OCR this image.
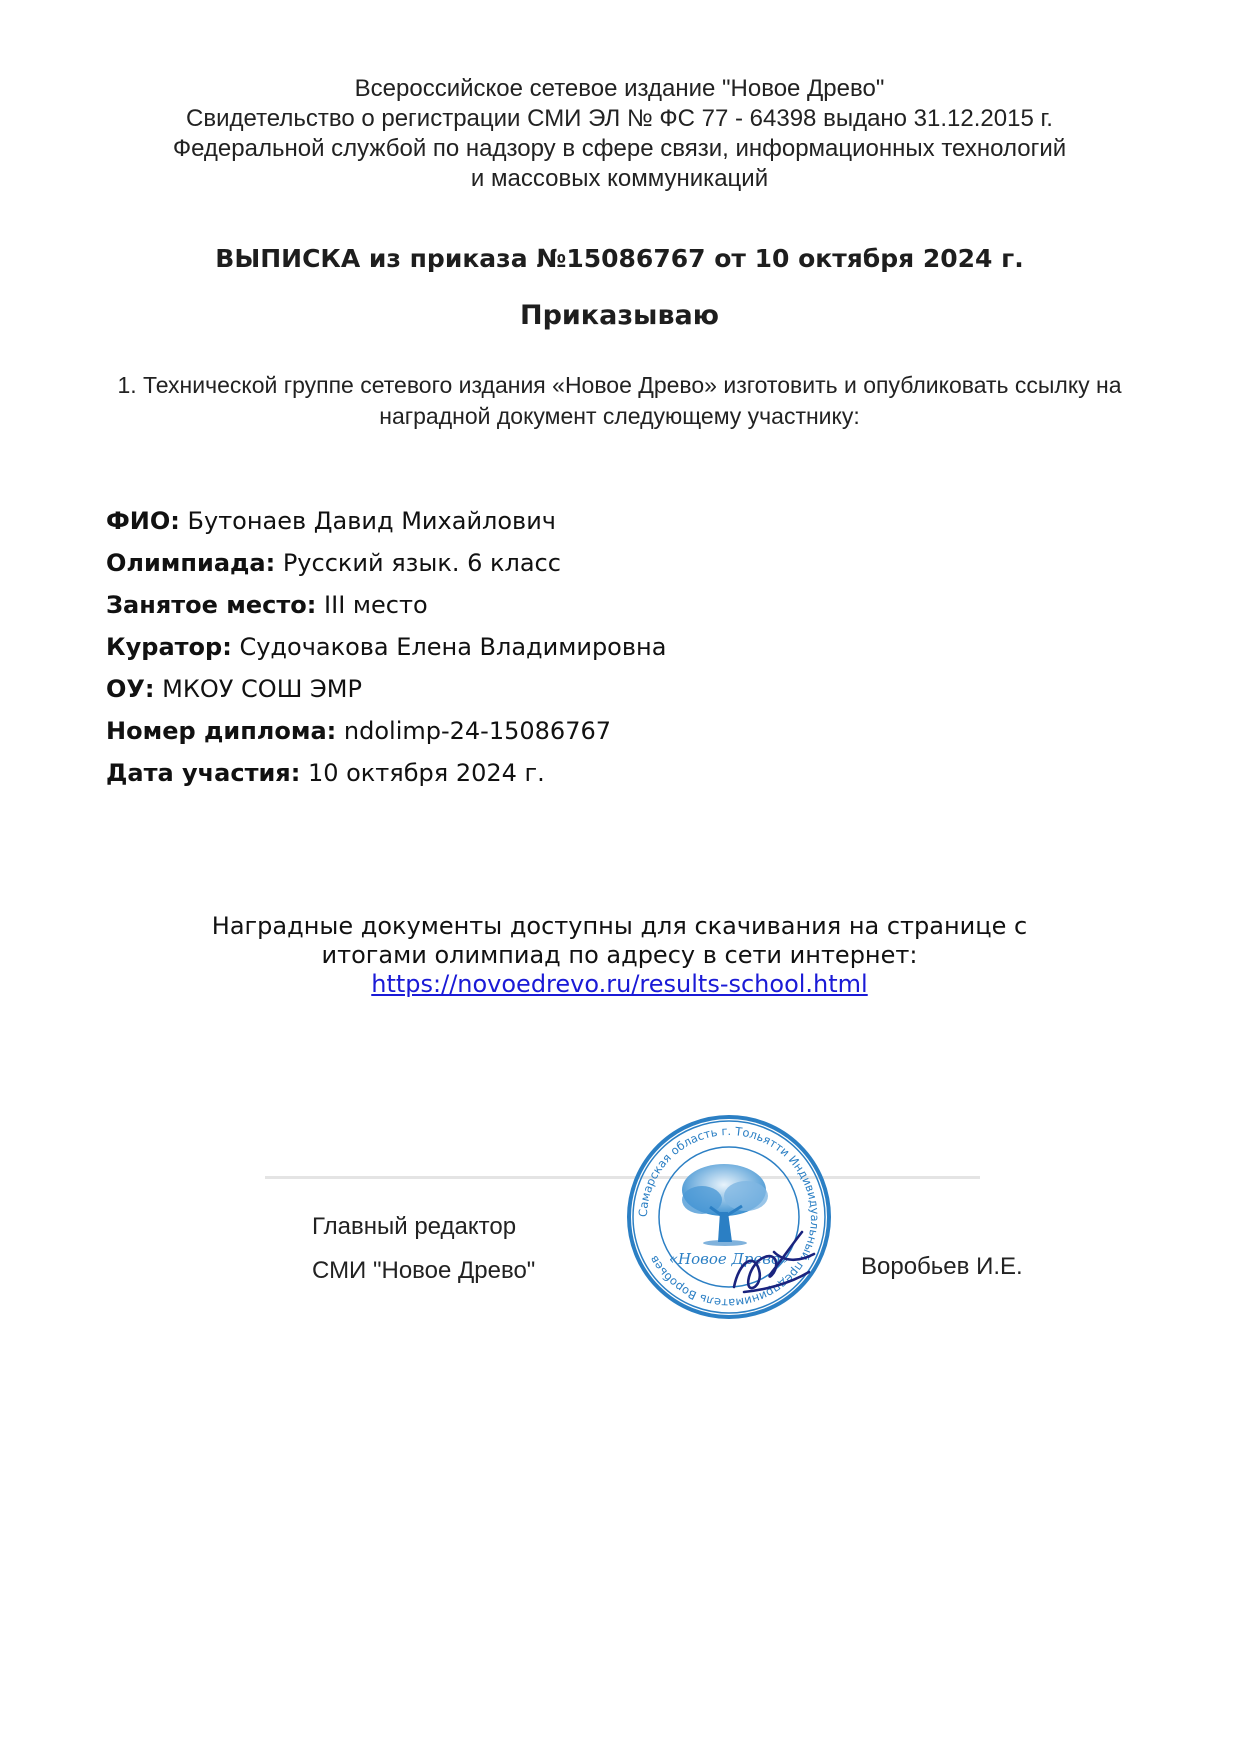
Всероссийское сетевое издание "Новое Древо"
Свидетельство о регистрации СМИ ЭЛ № ФС 77 - 64398 выдано 31.12.2015 г.
Федеральной службой по надзору в сфере связи, информационных технологий
и массовых коммуникаций
ВЫПИСКА из приказа №15086767 от 10 октября 2024 г.
Приказываю
1. Технической группе сетевого издания «Новое Древо» изготовить и опубликовать ссылку на
наградной документ следующему участнику:
ФИО: Бутонаев Давид Михайлович
Олимпиада: Русский язык. 6 класс
Занятое место: III место
Куратор: Судочакова Елена Владимировна
ОУ: МКОУ СОШ ЭМР
Номер диплома: ndolimp-24-15086767
Дата участия: 10 октября 2024 г.
Наградные документы доступны для скачивания на странице с
итогами олимпиад по адресу в сети интернет:
https://novoedrevo.ru/results-school.html
Главный редактор
СМИ "Новое Древо"
Самарская область г. Тольятти Индивидуальный предприниматель Воробьев «Новое Древо»	Воробьев И.Е.
